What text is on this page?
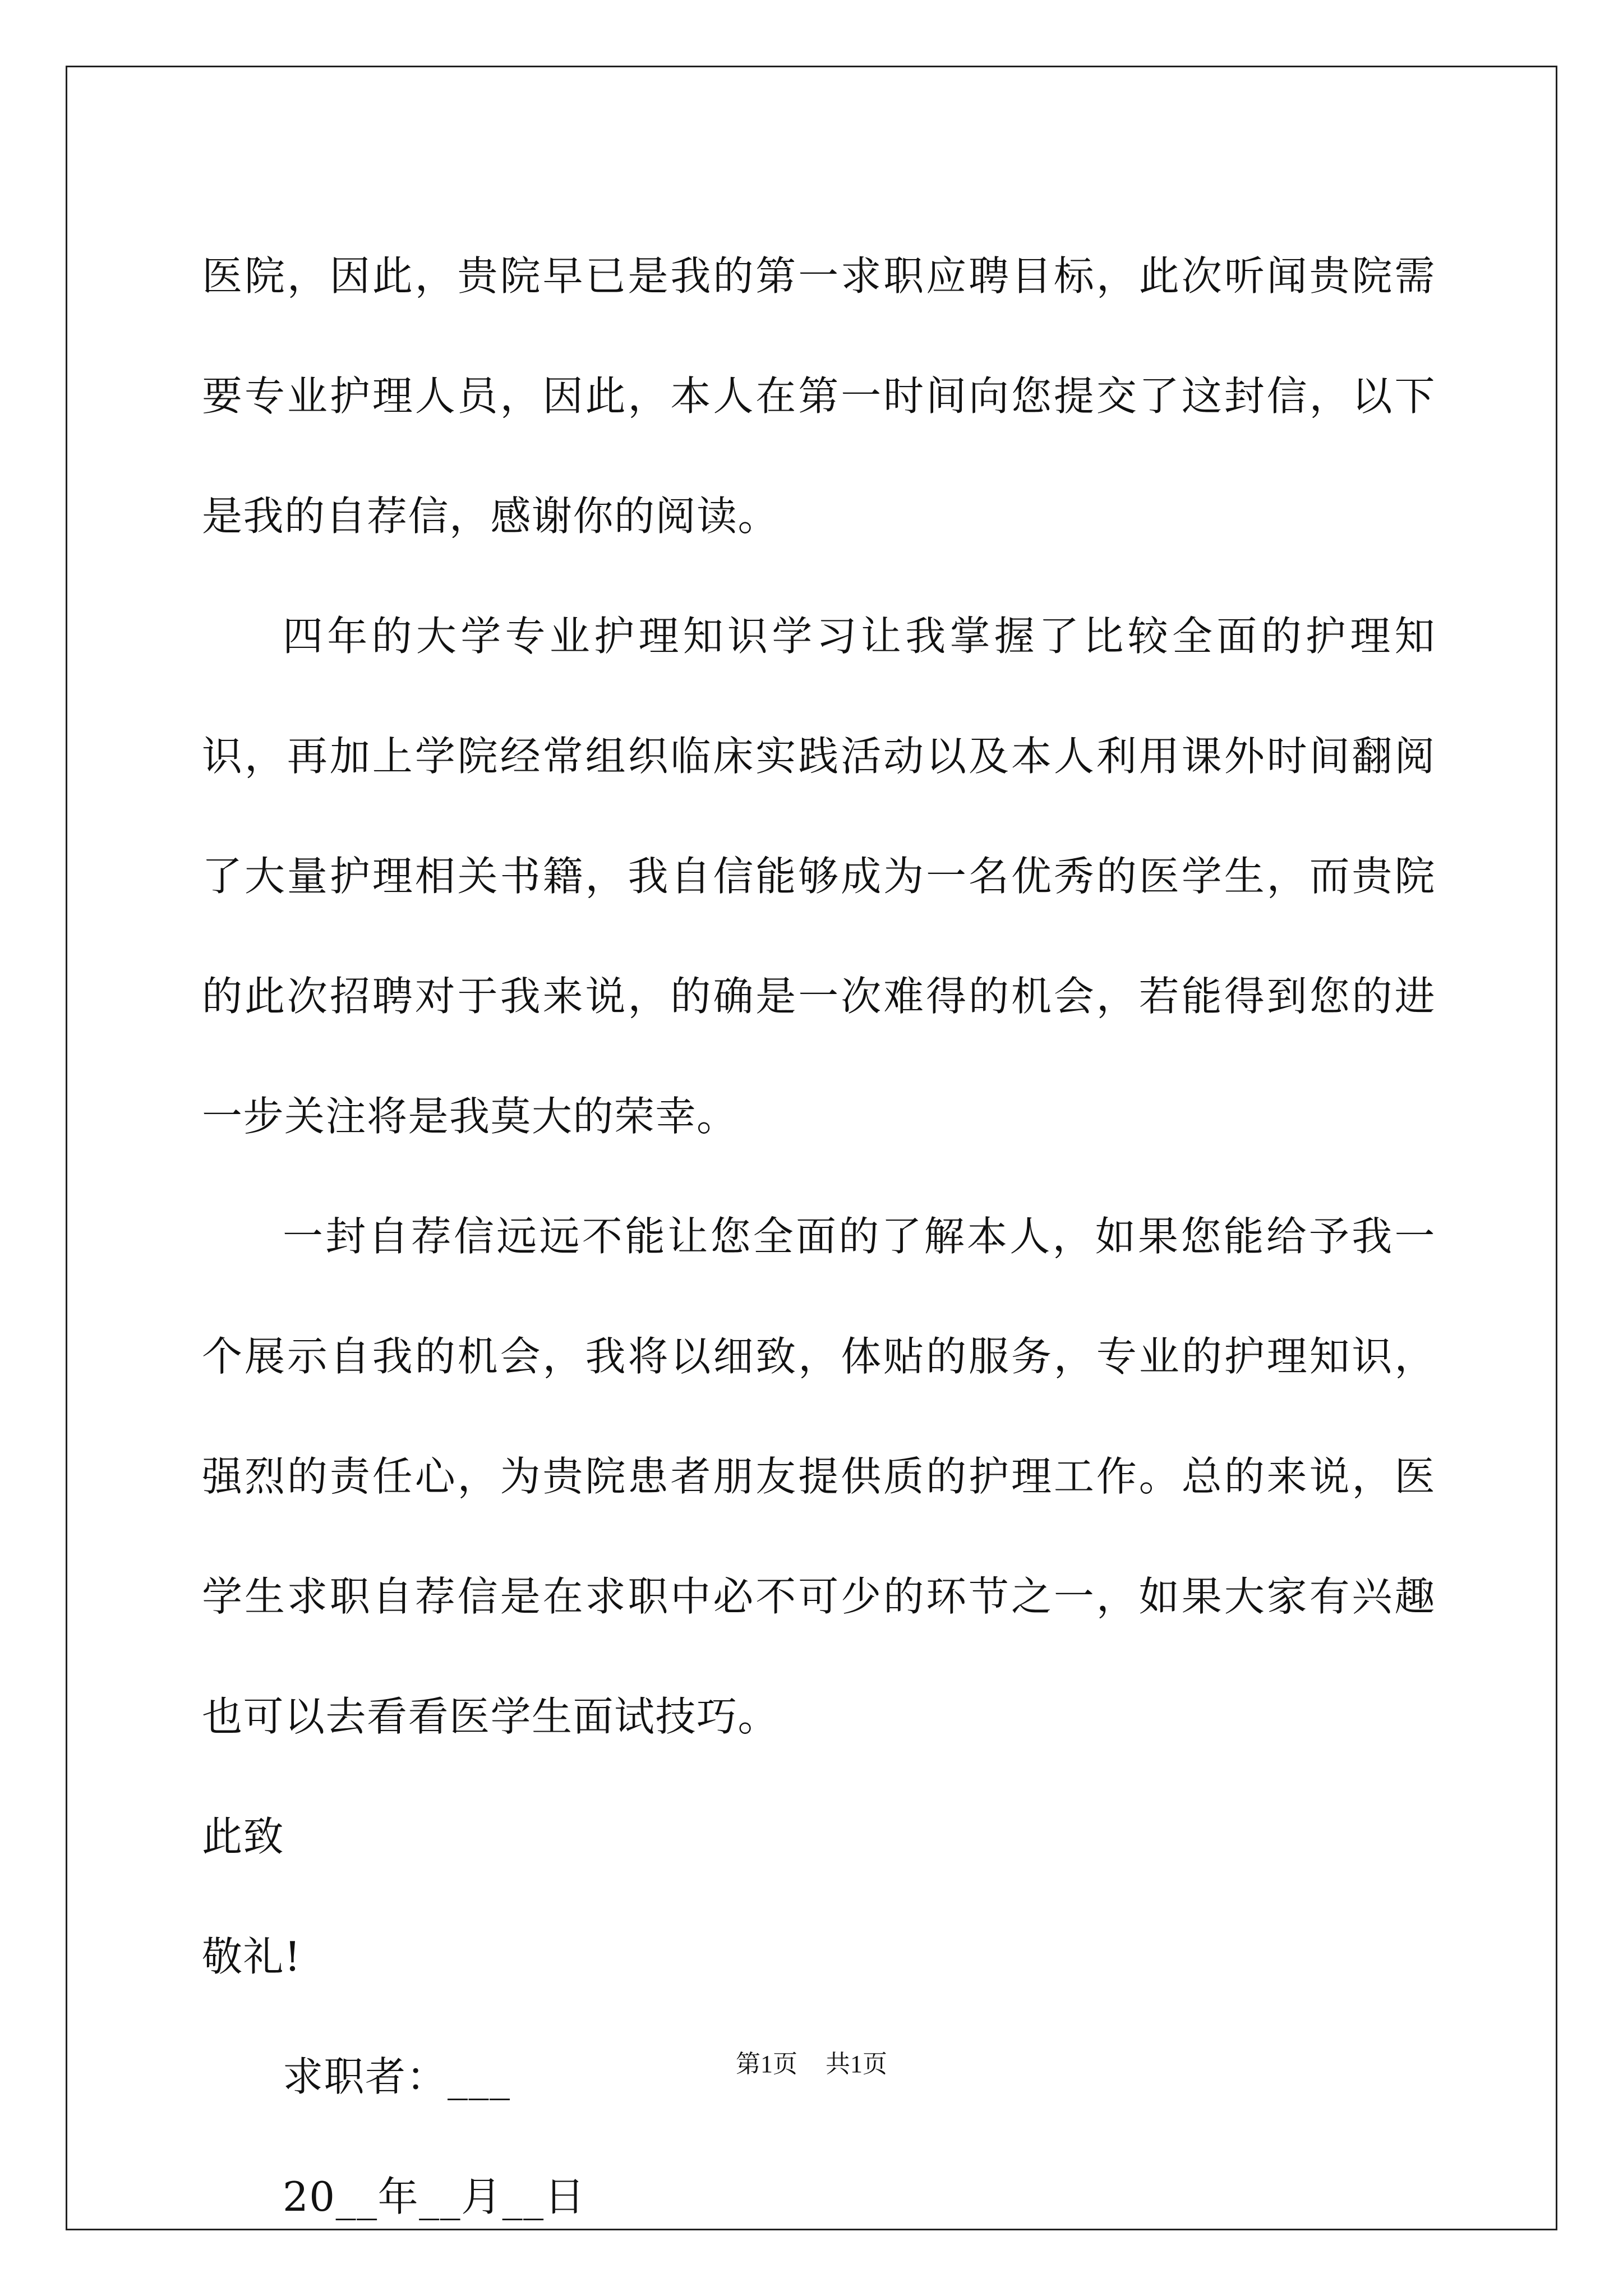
医院，因此，贵院早已是我的第一求职应聘目标，此次听闻贵院需要专业护理人员，因此，本人在第一时间向您提交了这封信，以下是我的自荐信，感谢你的阅读。

四年的大学专业护理知识学习让我掌握了比较全面的护理知识，再加上学院经常组织临床实践活动以及本人利用课外时间翻阅了大量护理相关书籍，我自信能够成为一名优秀的医学生，而贵院的此次招聘对于我来说，的确是一次难得的机会，若能得到您的进一步关注将是我莫大的荣幸。

一封自荐信远远不能让您全面的了解本人，如果您能给予我一个展示自我的机会，我将以细致，体贴的服务，专业的护理知识，强烈的责任心，为贵院患者朋友提供质的护理工作。总的来说，医学生求职自荐信是在求职中必不可少的环节之一，如果大家有兴趣也可以去看看医学生面试技巧。

此致

敬礼!

求职者：___

20__年__月__日

第1页 共1页
